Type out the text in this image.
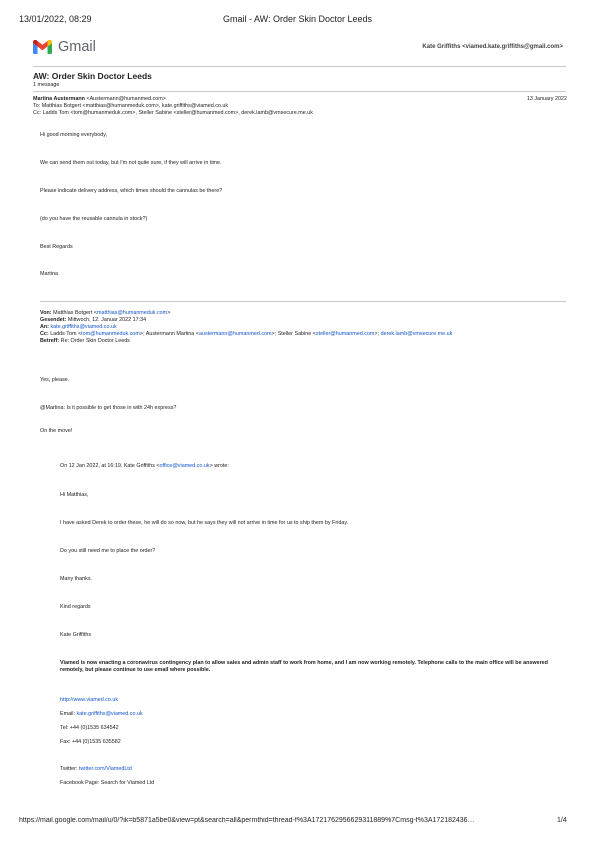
13/01/2022, 08:29	Gmail - AW: Order Skin Doctor Leeds
Gmail	Kate Griffiths <viamed.kate.griffiths@gmail.com>
AW: Order Skin Doctor Leeds
1 message
Martina Austermann <Austermann@humanmed.com>	13 January 2022
To: Matthias Botgert <matthias@humanmeduk.com>, kate.griffiths@viamed.co.uk
Cc: Ladds Tom <tom@humanmeduk.com>, Steller Sabine <steller@humanmed.com>, derek.lamb@vmsecure.me.uk
Hi good morning everybody,
We can send them out today, but I'm not quite sure, if they will arrive in time.
Please indicate delivery address, which times should the cannulas be there?
(do you have the reusable cannula in stock?)
Best Regards
Martina
Von: Matthias Botgert <matthias@humanmeduk.com>
Gesendet: Mittwoch, 12. Januar 2022 17:34
An: kate.griffiths@viamed.co.uk
Cc: Ladds Tom <tom@humanmeduk.com>; Austermann Martina <austermann@humanmed.com>; Steller Sabine <steller@humanmed.com>; derek.lamb@vmsecure.me.uk
Betreff: Re: Order Skin Doctor Leeds
Yes, please.
@Martina: Is it possible to get those in with 24h express?
On the move!
On 12 Jan 2022, at 16:19, Kate Griffiths <office@viamed.co.uk> wrote:
Hi Matthias,
I have asked Derek to order these, he will do so now, but he says they will not arrive in time for us to ship them by Friday.
Do you still need me to place the order?
Many thanks.
Kind regards
Kate Griffiths
Viamed is now enacting a coronavirus contingency plan to allow sales and admin staff to work from home, and I am now working remotely. Telephone calls to the main office will be answered remotely, but please continue to use email where possible.
http://www.viamed.co.uk
Email: kate.griffiths@viamed.co.uk
Tel: +44 (0)1535 634542
Fax: +44 (0)1535 635582
Twitter: twitter.com/ViamedLtd
Facebook Page: Search for Viamed Ltd
https://mail.google.com/mail/u/0/?ik=b5871a5be0&view=pt&search=all&permthid=thread-f%3A1721762956629311889%7Cmsg-f%3A172182436…	1/4
